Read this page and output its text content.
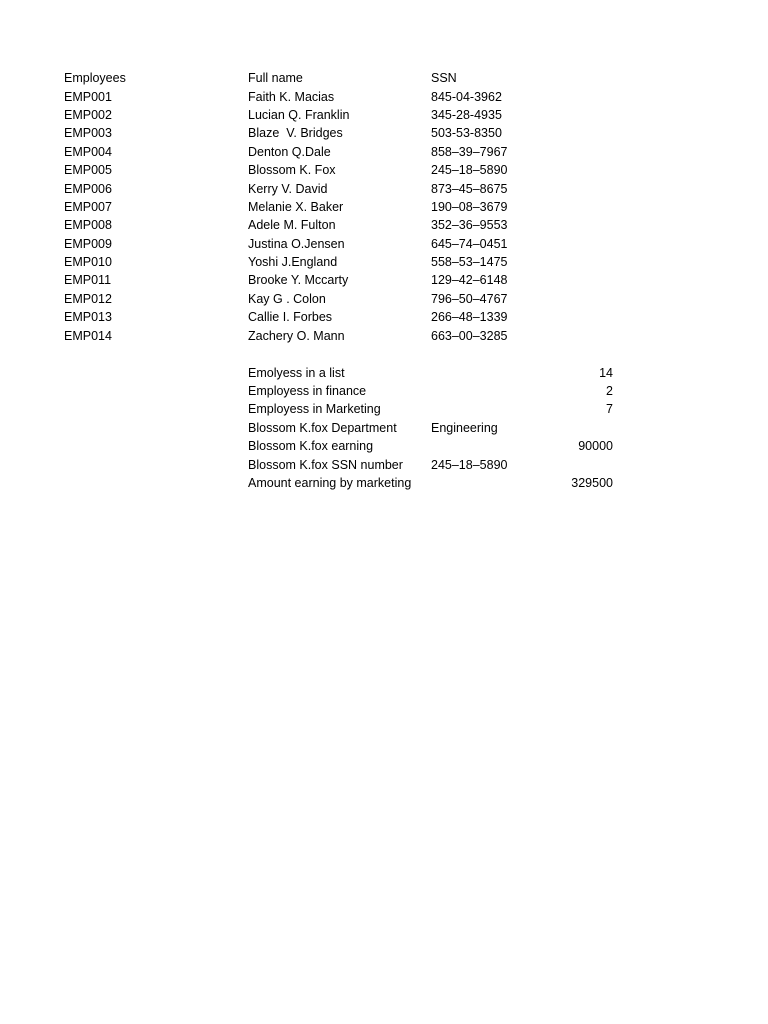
Employees	Full name	SSN
EMP001	Faith K. Macias	845-04-3962
EMP002	Lucian Q. Franklin	345-28-4935
EMP003	Blaze  V. Bridges	503-53-8350
EMP004	Denton Q.Dale	858–39–7967
EMP005	Blossom K. Fox	245–18–5890
EMP006	Kerry V. David	873–45–8675
EMP007	Melanie X. Baker	190–08–3679
EMP008	Adele M. Fulton	352–36–9553
EMP009	Justina O.Jensen	645–74–0451
EMP010	Yoshi J.England	558–53–1475
EMP011	Brooke Y. Mccarty	129–42–6148
EMP012	Kay G . Colon	796–50–4767
EMP013	Callie I. Forbes	266–48–1339
EMP014	Zachery O. Mann	663–00–3285
Emolyess in a list	14
Employess in finance	2
Employess in Marketing	7
Blossom K.fox Department	Engineering
Blossom K.fox earning	90000
Blossom K.fox SSN number 245–18–5890
Amount earning by marketing	329500
